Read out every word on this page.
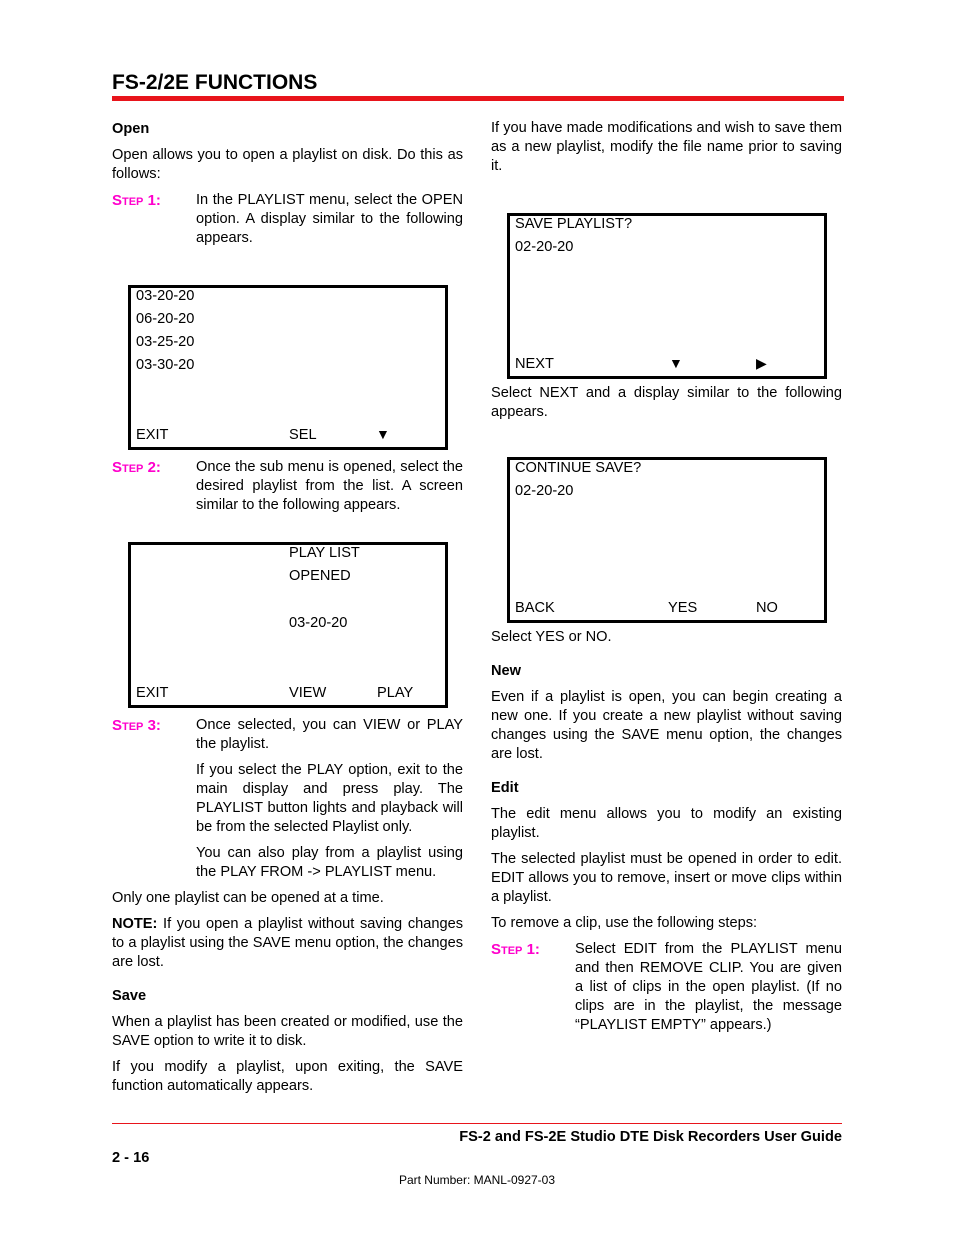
FS-2/2E FUNCTIONS
Open

Open allows you to open a playlist on disk. Do this as follows:

Step 1:	In the PLAYLIST menu, select the OPEN option. A display similar to the following appears.
03-20-20
06-20-20
03-25-20
03-30-20
EXIT	SEL	▼
Step 2:	Once the sub menu is opened, select the desired playlist from the list. A screen similar to the following appears.
PLAY LIST
OPENED
03-20-20
EXIT	VIEW	PLAY
Step 3:	Once selected, you can VIEW or PLAY the playlist.

If you select the PLAY option, exit to the main display and press play. The PLAYLIST button lights and playback will be from the selected Playlist only.

You can also play from a playlist using the PLAY FROM -> PLAYLIST menu.

Only one playlist can be opened at a time.

NOTE: If you open a playlist without saving changes to a playlist using the SAVE menu option, the changes are lost.

Save

When a playlist has been created or modified, use the SAVE option to write it to disk.

If you modify a playlist, upon exiting, the SAVE function automatically appears.

If you have made modifications and wish to save them as a new playlist, modify the file name prior to saving it.

SAVE PLAYLIST?
02-20-20
NEXT	▼	▶

Select NEXT and a display similar to the following appears.

CONTINUE SAVE?
02-20-20
BACK	YES	NO

Select YES or NO.

New

Even if a playlist is open, you can begin creating a new one. If you create a new playlist without saving changes using the SAVE menu option, the changes are lost.

Edit

The edit menu allows you to modify an existing playlist.

The selected playlist must be opened in order to edit. EDIT allows you to remove, insert or move clips within a playlist.

To remove a clip, use the following steps:

Step 1:	Select EDIT from the PLAYLIST menu and then REMOVE CLIP. You are given a list of clips in the open playlist. (If no clips are in the playlist, the message “PLAYLIST EMPTY” appears.)
FS-2 and FS-2E Studio DTE Disk Recorders User Guide
2 - 16
Part Number: MANL-0927-03
